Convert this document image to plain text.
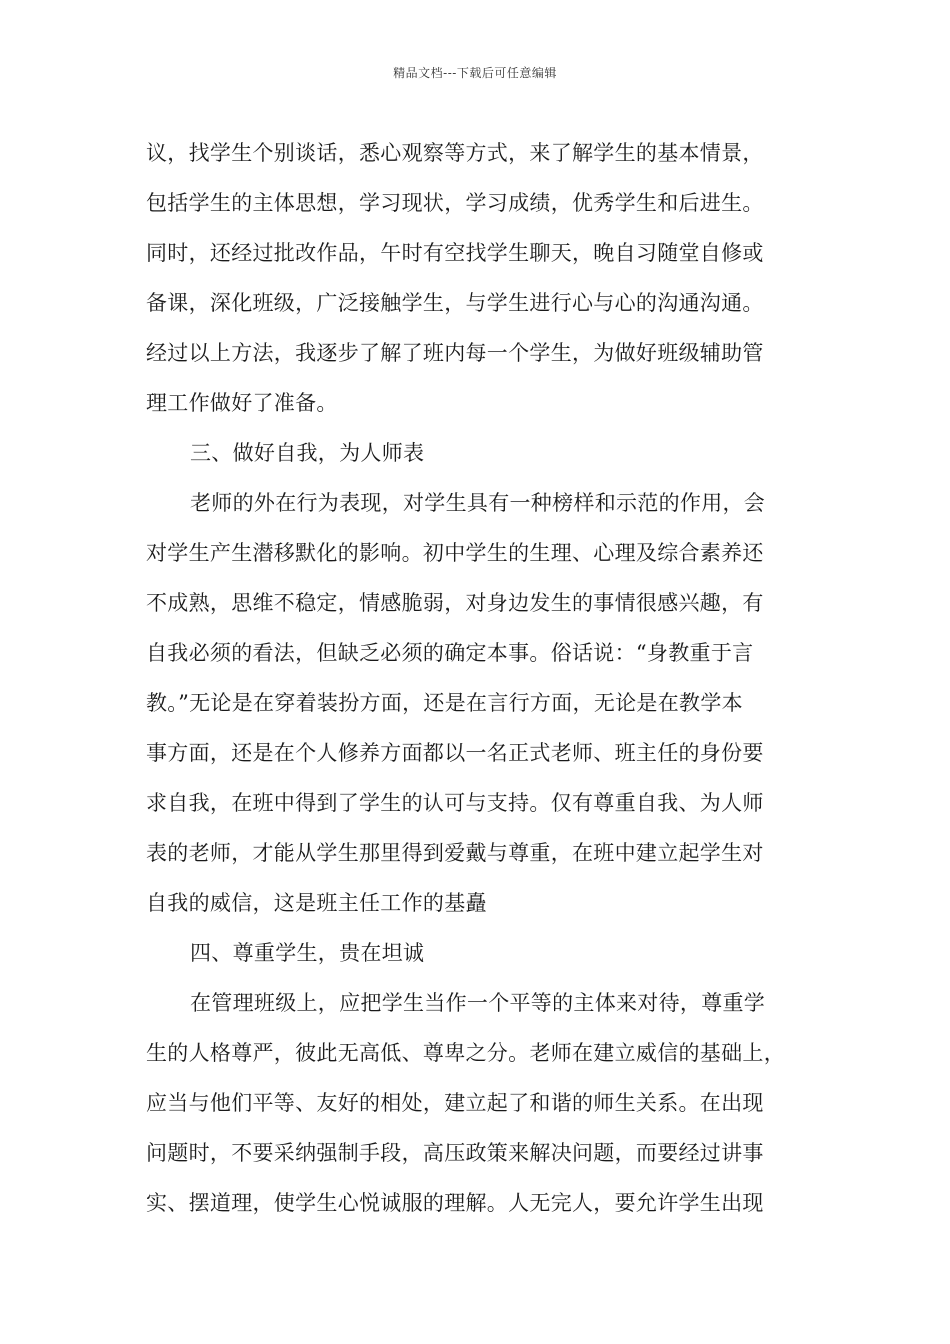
精品文档---下载后可任意编辑
议，找学生个别谈话，悉心观察等方式，来了解学生的基本情景，
包括学生的主体思想，学习现状，学习成绩，优秀学生和后进生。
同时，还经过批改作品，午时有空找学生聊天，晚自习随堂自修或
备课，深化班级，广泛接触学生，与学生进行心与心的沟通沟通。
经过以上方法，我逐步了解了班内每一个学生，为做好班级辅助管
理工作做好了准备。
三、做好自我，为人师表
老师的外在行为表现，对学生具有一种榜样和示范的作用，会
对学生产生潜移默化的影响。初中学生的生理、心理及综合素养还
不成熟，思维不稳定，情感脆弱，对身边发生的事情很感兴趣，有
自我必须的看法，但缺乏必须的确定本事。俗话说：“身教重于言
教。”无论是在穿着装扮方面，还是在言行方面，无论是在教学本
事方面，还是在个人修养方面都以一名正式老师、班主任的身份要
求自我，在班中得到了学生的认可与支持。仅有尊重自我、为人师
表的老师，才能从学生那里得到爱戴与尊重，在班中建立起学生对
自我的威信，这是班主任工作的基矗
四、尊重学生，贵在坦诚
在管理班级上，应把学生当作一个平等的主体来对待，尊重学
生的人格尊严，彼此无高低、尊卑之分。老师在建立威信的基础上，
应当与他们平等、友好的相处，建立起了和谐的师生关系。在出现
问题时，不要采纳强制手段，高压政策来解决问题，而要经过讲事
实、摆道理，使学生心悦诚服的理解。人无完人，要允许学生出现
